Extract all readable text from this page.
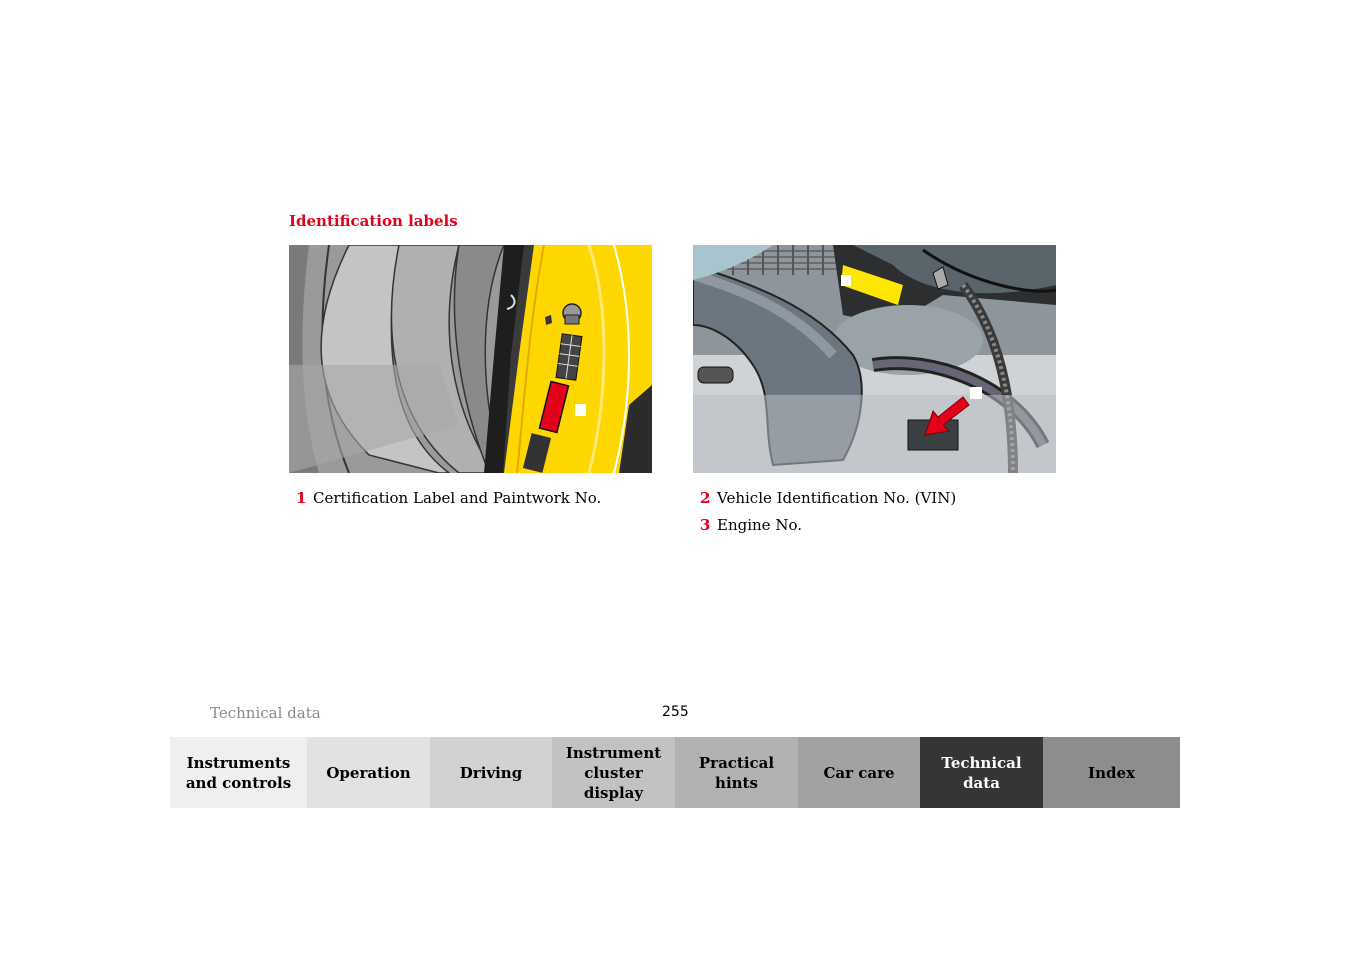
Identification labels
1 Certification Label and Paintwork No.	2 Vehicle Identification No. (VIN)
3 Engine No.
Technical data	255
Instruments
and controls
Operation	Driving
Instrument
cluster display
Practical hints
Car care
Technical
data
Index
